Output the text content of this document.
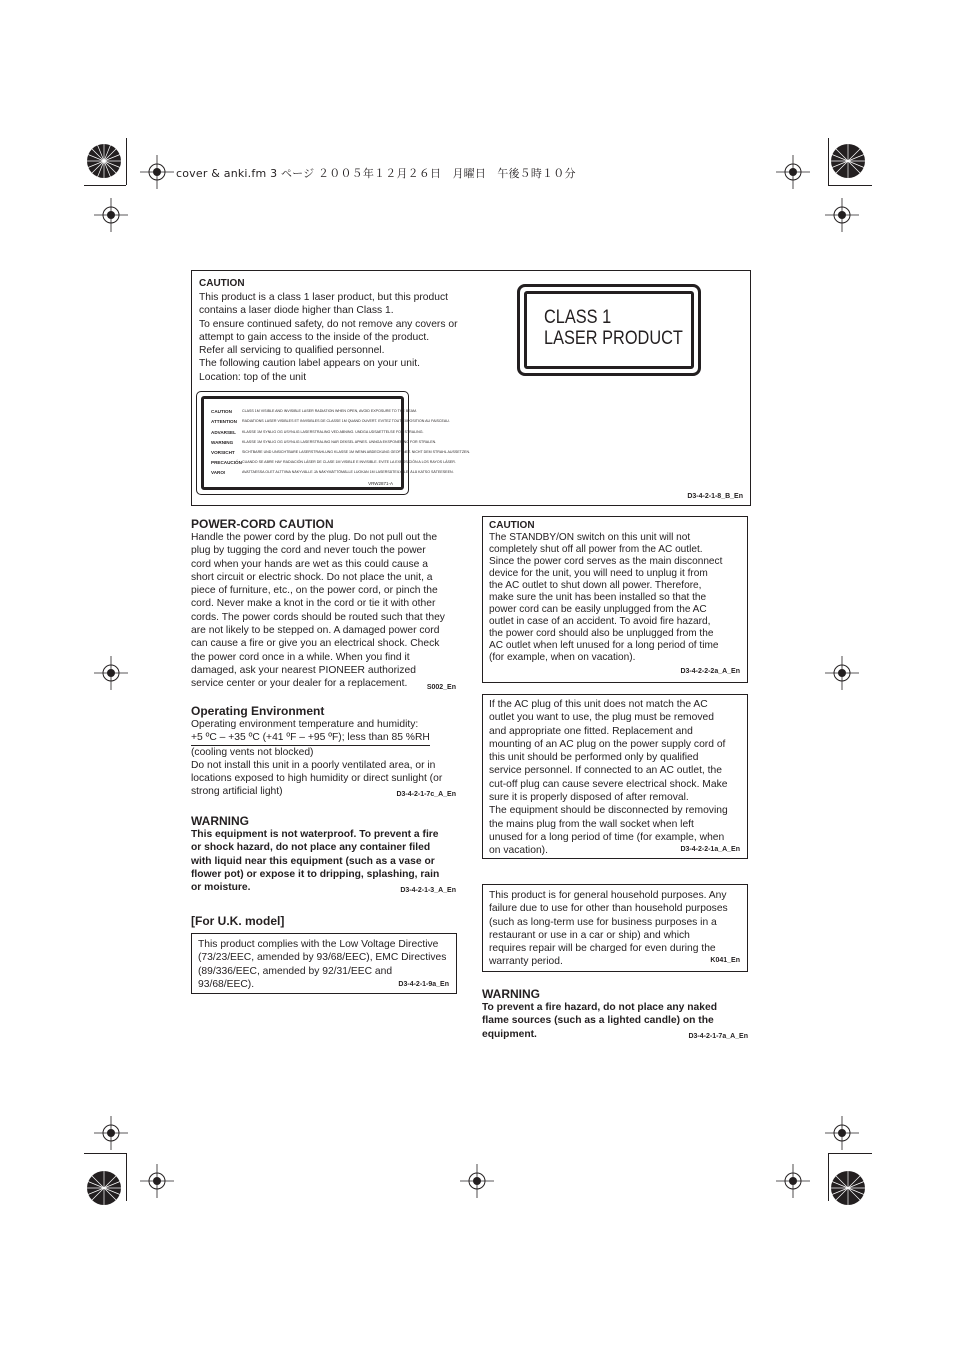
cover & anki.fm 3 ページ ２００５年１２月２６日　月曜日　午後５時１０分
CAUTION

This product is a class 1 laser product, but this product

contains a laser diode higher than Class 1.

To ensure continued safety, do not remove any covers or

attempt to gain access to the inside of the product.

Refer all servicing to qualified personnel.

The following caution label appears on your unit.

Location: top of the unit

D3-4-2-1-8_B_En
CLASS 1
LASER PRODUCT
CAUTION	CLASS 1M VISIBLE AND INVISIBLE LASER RADIATION WHEN OPEN, AVOID EXPOSURE TO THE BEAM.
ATTENTION RADIATIONS LASER VISIBLES ET INVISIBLES DE CLASSE 1M QUAND OUVERT. EVITEZ TOUT EXPOSITION AU FAISCEAU.
ADVARSEL KLASSE 1M SYNLIG OG USYNLIG LASERSTRALING VED ABNING. UNDGA UDSAETTELSE FOR STRALING.
WARNING KLASSE 1M SYNLIG OG USYNLIG LASERSTRALING NAR DEKSEL APNES. UNNGA EKSPONERING FOR STRALEN.
VORSICHT SICHTBARE UND UNSICHTBARE LASERSTRAHLUNG KLASSE 1M WENN ABDECKUNG GEOFFNET. NICHT DEM STRAHL AUSSETZEN.
PRECAUCIÓN CUANDO SE ABRE HAY RADIACIÓN LÁSER DE CLASE 1M VISIBLE E INVISIBLE. EVITE LA EXPOSICIÓN A LOS RAYOS LÁSER.
VARO!	AVATTAESSA OLET ALTTIINA NÄKYVÄLLE JA NÄKYMÄTTÖMÄLLE LUOKAN 1M LASERSÄTEILYLLE. ÄLÄ KATSO SÄTEESEEN.
VRW2871-A
POWER-CORD CAUTION

Handle the power cord by the plug. Do not pull out the

plug by tugging the cord and never touch the power

cord when your hands are wet as this could cause a

short circuit or electric shock. Do not place the unit, a

piece of furniture, etc., on the power cord, or pinch the

cord. Never make a knot in the cord or tie it with other

cords. The power cords should be routed such that they

are not likely to be stepped on. A damaged power cord

can cause a fire or give you an electrical shock. Check

the power cord once in a while. When you find it

damaged, ask your nearest PIONEER authorized

service center or your dealer for a replacement.	S002_En
Operating Environment

Operating environment temperature and humidity:

+5 ºC – +35 ºC (+41 ºF – +95 ºF); less than 85 %RH

(cooling vents not blocked)

Do not install this unit in a poorly ventilated area, or in

locations exposed to high humidity or direct sunlight (or

strong artificial light)	D3-4-2-1-7c_A_En
WARNING

This equipment is not waterproof. To prevent a fire

or shock hazard, do not place any container filed

with liquid near this equipment (such as a vase or

flower pot) or expose it to dripping, splashing, rain

or moisture.	D3-4-2-1-3_A_En
[For U.K. model]

This product complies with the Low Voltage Directive

(73/23/EEC, amended by 93/68/EEC), EMC Directives

(89/336/EEC, amended by 92/31/EEC and

93/68/EEC).	D3-4-2-1-9a_En
CAUTION

The STANDBY/ON switch on this unit will not

completely shut off all power from the AC outlet.

Since the power cord serves as the main disconnect

device for the unit, you will need to unplug it from

the AC outlet to shut down all power. Therefore,

make sure the unit has been installed so that the

power cord can be easily unplugged from the AC

outlet in case of an accident. To avoid fire hazard,

the power cord should also be unplugged from the

AC outlet when left unused for a long period of time

(for example, when on vacation).

D3-4-2-2-2a_A_En

If the AC plug of this unit does not match the AC

outlet you want to use, the plug must be removed

and appropriate one fitted. Replacement and

mounting of an AC plug on the power supply cord of

this unit should be performed only by qualified

service personnel. If connected to an AC outlet, the

cut-off plug can cause severe electrical shock. Make

sure it is properly disposed of after removal.

The equipment should be disconnected by removing

the mains plug from the wall socket when left

unused for a long period of time (for example, when

on vacation).	D3-4-2-2-1a_A_En

This product is for general household purposes. Any

failure due to use for other than household purposes

(such as long-term use for business purposes in a

restaurant or use in a car or ship) and which

requires repair will be charged for even during the

warranty period.	K041_En
WARNING

To prevent a fire hazard, do not place any naked

flame sources (such as a lighted candle) on the

equipment.	D3-4-2-1-7a_A_En
